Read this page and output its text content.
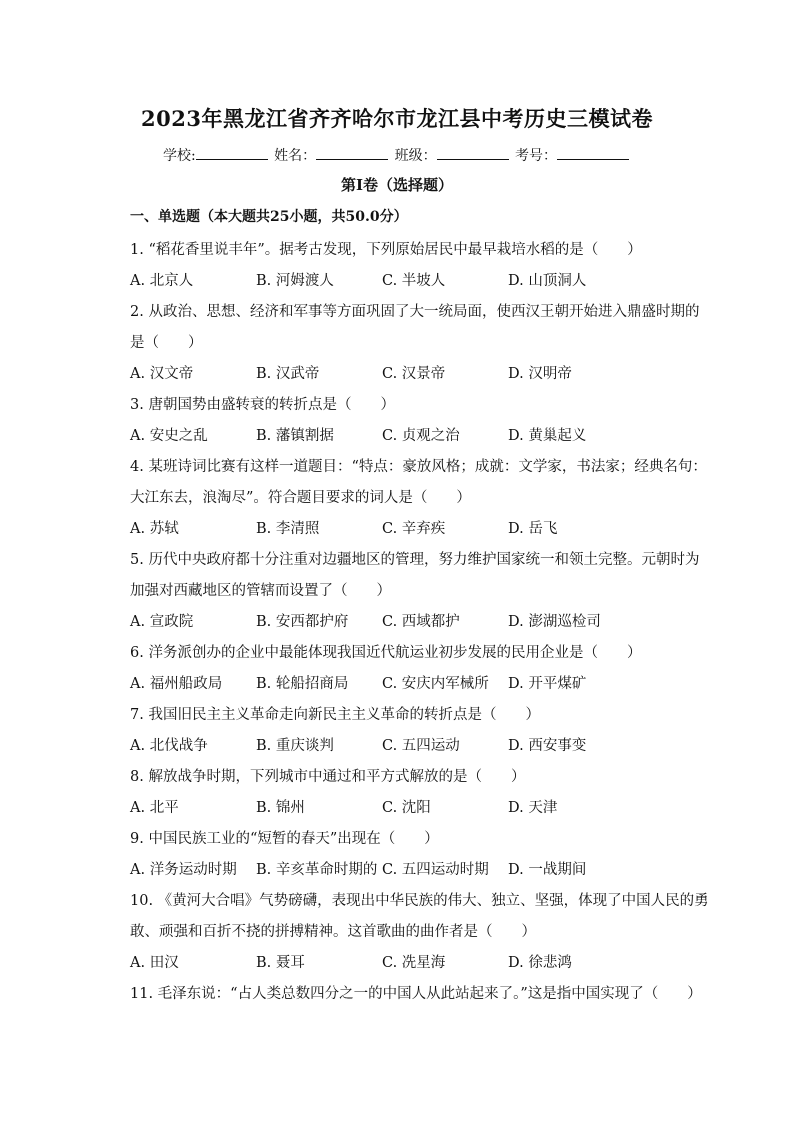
2023年黑龙江省齐齐哈尔市龙江县中考历史三模试卷
学校:	姓名：	班级：	考号：
第Ⅰ卷（选择题）
一、单选题（本大题共25小题，共50.0分）
1. “稻花香里说丰年”。据考古发现，下列原始居民中最早栽培水稻的是（　　）
A. 北京人	B. 河姆渡人	C. 半坡人	D. 山顶洞人
2. 从政治、思想、经济和军事等方面巩固了大一统局面，使西汉王朝开始进入鼎盛时期的
是（　　）
A. 汉文帝	B. 汉武帝	C. 汉景帝	D. 汉明帝
3. 唐朝国势由盛转衰的转折点是（　　）
A. 安史之乱	B. 藩镇割据	C. 贞观之治	D. 黄巢起义
4. 某班诗词比赛有这样一道题目：“特点：豪放风格；成就：文学家，书法家；经典名句：
大江东去，浪淘尽”。符合题目要求的词人是（　　）
A. 苏轼	B. 李清照	C. 辛弃疾	D. 岳飞
5. 历代中央政府都十分注重对边疆地区的管理，努力维护国家统一和领土完整。元朝时为
加强对西藏地区的管辖而设置了（　　）
A. 宣政院	B. 安西都护府 C. 西域都护	D. 澎湖巡检司
6. 洋务派创办的企业中最能体现我国近代航运业初步发展的民用企业是（　　）
A. 福州船政局 B. 轮船招商局 C. 安庆内军械所 D. 开平煤矿
7. 我国旧民主主义革命走向新民主主义革命的转折点是（　　）
A. 北伐战争	B. 重庆谈判	C. 五四运动	D. 西安事变
8. 解放战争时期，下列城市中通过和平方式解放的是（　　）
A. 北平	B. 锦州	C. 沈阳	D. 天津
9. 中国民族工业的“短暂的春天”出现在（　　）
A. 洋务运动时期 B. 辛亥革命时期的 C. 五四运动时期 D. 一战期间
10. 《黄河大合唱》气势磅礴，表现出中华民族的伟大、独立、坚强，体现了中国人民的勇
敢、顽强和百折不挠的拼搏精神。这首歌曲的曲作者是（　　）
A. 田汉	B. 聂耳	C. 冼星海	D. 徐悲鸿
11. 毛泽东说：“占人类总数四分之一的中国人从此站起来了。”这是指中国实现了（　　）
